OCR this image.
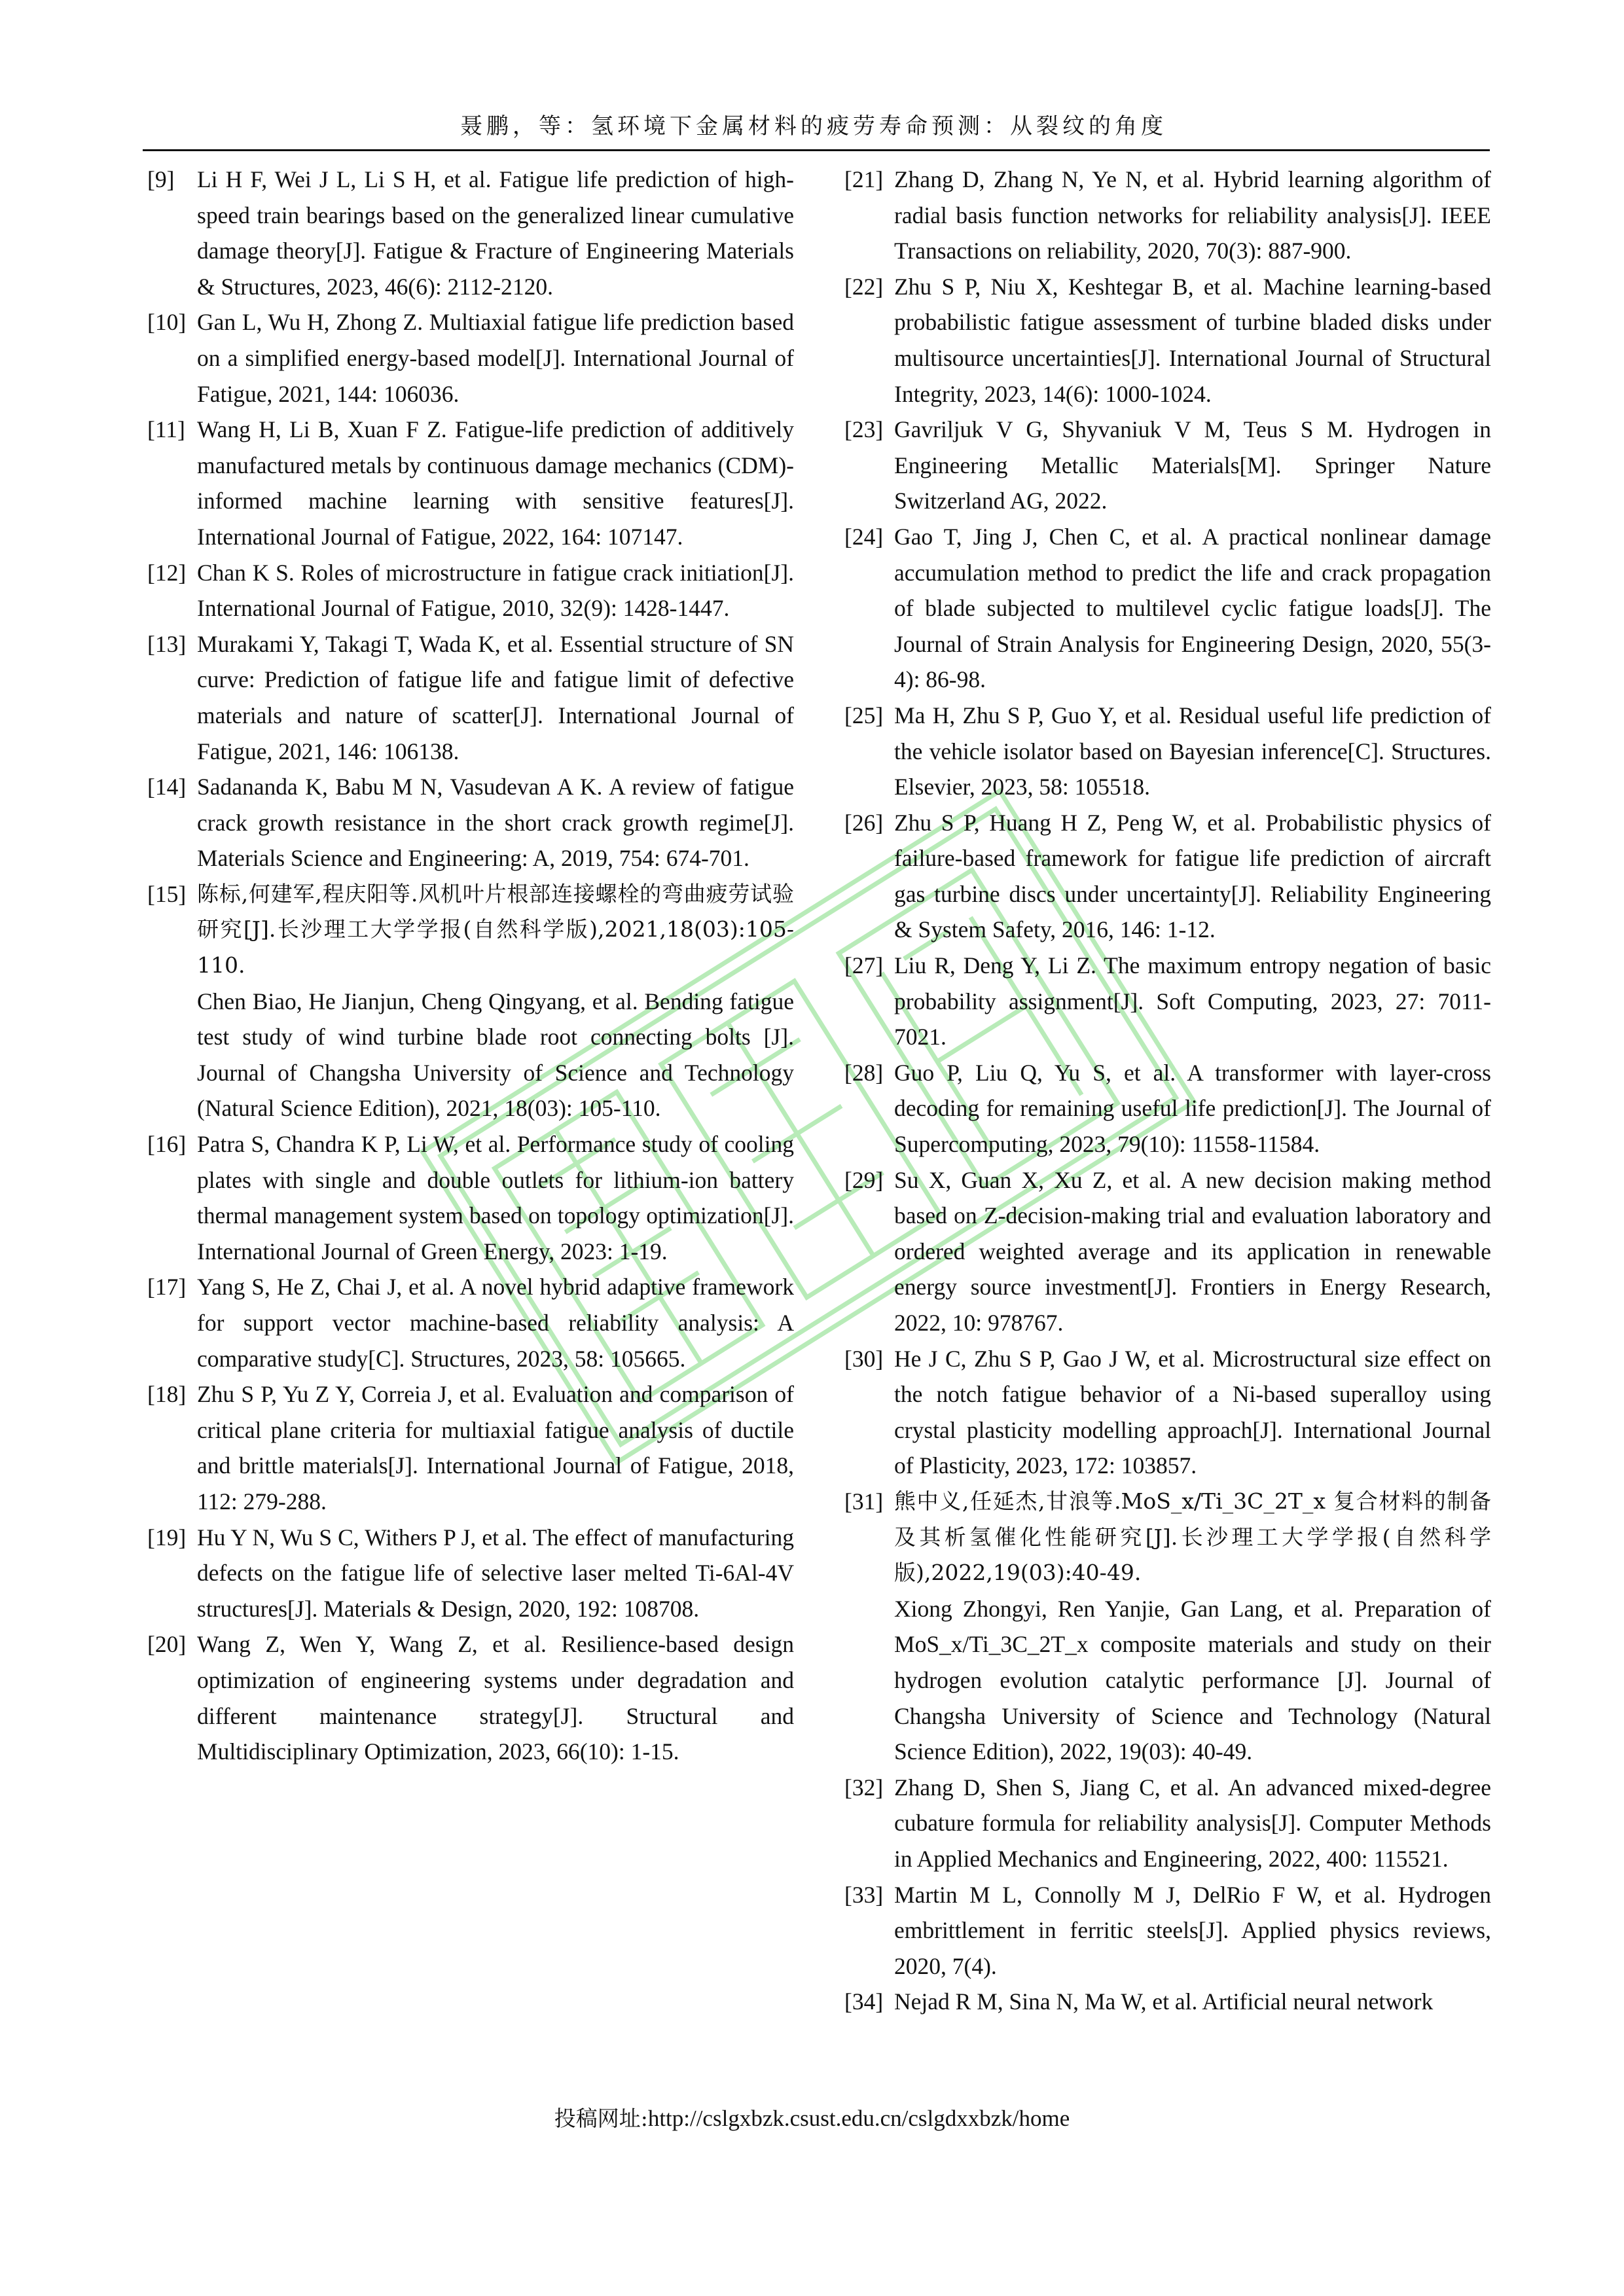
聂鹏，等：氢环境下金属材料的疲劳寿命预测：从裂纹的角度
[9] Li H F, Wei J L, Li S H, et al. Fatigue life prediction of high-speed train bearings based on the generalized linear cumulative damage theory[J]. Fatigue & Fracture of Engineering Materials & Structures, 2023, 46(6): 2112-2120.
[10] Gan L, Wu H, Zhong Z. Multiaxial fatigue life prediction based on a simplified energy-based model[J]. International Journal of Fatigue, 2021, 144: 106036.
[11] Wang H, Li B, Xuan F Z. Fatigue-life prediction of additively manufactured metals by continuous damage mechanics (CDM)-informed machine learning with sensitive features[J]. International Journal of Fatigue, 2022, 164: 107147.
[12] Chan K S. Roles of microstructure in fatigue crack initiation[J]. International Journal of Fatigue, 2010, 32(9): 1428-1447.
[13] Murakami Y, Takagi T, Wada K, et al. Essential structure of SN curve: Prediction of fatigue life and fatigue limit of defective materials and nature of scatter[J]. International Journal of Fatigue, 2021, 146: 106138.
[14] Sadananda K, Babu M N, Vasudevan A K. A review of fatigue crack growth resistance in the short crack growth regime[J]. Materials Science and Engineering: A, 2019, 754: 674-701.
[15] 陈标,何建军,程庆阳等.风机叶片根部连接螺栓的弯曲疲劳试验研究[J].长沙理工大学学报(自然科学版),2021,18(03):105-110.
Chen Biao, He Jianjun, Cheng Qingyang, et al. Bending fatigue test study of wind turbine blade root connecting bolts [J]. Journal of Changsha University of Science and Technology (Natural Science Edition), 2021, 18(03): 105-110.
[16] Patra S, Chandra K P, Li W, et al. Performance study of cooling plates with single and double outlets for lithium-ion battery thermal management system based on topology optimization[J]. International Journal of Green Energy, 2023: 1-19.
[17] Yang S, He Z, Chai J, et al. A novel hybrid adaptive framework for support vector machine-based reliability analysis: A comparative study[C]. Structures, 2023, 58: 105665.
[18] Zhu S P, Yu Z Y, Correia J, et al. Evaluation and comparison of critical plane criteria for multiaxial fatigue analysis of ductile and brittle materials[J]. International Journal of Fatigue, 2018, 112: 279-288.
[19] Hu Y N, Wu S C, Withers P J, et al. The effect of manufacturing defects on the fatigue life of selective laser melted Ti-6Al-4V structures[J]. Materials & Design, 2020, 192: 108708.
[20] Wang Z, Wen Y, Wang Z, et al. Resilience-based design optimization of engineering systems under degradation and different maintenance strategy[J]. Structural and Multidisciplinary Optimization, 2023, 66(10): 1-15.
[21] Zhang D, Zhang N, Ye N, et al. Hybrid learning algorithm of radial basis function networks for reliability analysis[J]. IEEE Transactions on reliability, 2020, 70(3): 887-900.
[22] Zhu S P, Niu X, Keshtegar B, et al. Machine learning-based probabilistic fatigue assessment of turbine bladed disks under multisource uncertainties[J]. International Journal of Structural Integrity, 2023, 14(6): 1000-1024.
[23] Gavriljuk V G, Shyvaniuk V M, Teus S M. Hydrogen in Engineering Metallic Materials[M]. Springer Nature Switzerland AG, 2022.
[24] Gao T, Jing J, Chen C, et al. A practical nonlinear damage accumulation method to predict the life and crack propagation of blade subjected to multilevel cyclic fatigue loads[J]. The Journal of Strain Analysis for Engineering Design, 2020, 55(3-4): 86-98.
[25] Ma H, Zhu S P, Guo Y, et al. Residual useful life prediction of the vehicle isolator based on Bayesian inference[C]. Structures. Elsevier, 2023, 58: 105518.
[26] Zhu S P, Huang H Z, Peng W, et al. Probabilistic physics of failure-based framework for fatigue life prediction of aircraft gas turbine discs under uncertainty[J]. Reliability Engineering & System Safety, 2016, 146: 1-12.
[27] Liu R, Deng Y, Li Z. The maximum entropy negation of basic probability assignment[J]. Soft Computing, 2023, 27: 7011-7021.
[28] Guo P, Liu Q, Yu S, et al. A transformer with layer-cross decoding for remaining useful life prediction[J]. The Journal of Supercomputing, 2023, 79(10): 11558-11584.
[29] Su X, Guan X, Xu Z, et al. A new decision making method based on Z-decision-making trial and evaluation laboratory and ordered weighted average and its application in renewable energy source investment[J]. Frontiers in Energy Research, 2022, 10: 978767.
[30] He J C, Zhu S P, Gao J W, et al. Microstructural size effect on the notch fatigue behavior of a Ni-based superalloy using crystal plasticity modelling approach[J]. International Journal of Plasticity, 2023, 172: 103857.
[31] 熊中义,任延杰,甘浪等.MoS_x/Ti_3C_2T_x 复合材料的制备及其析氢催化性能研究[J].长沙理工大学学报(自然科学版),2022,19(03):40-49.
Xiong Zhongyi, Ren Yanjie, Gan Lang, et al. Preparation of MoS_x/Ti_3C_2T_x composite materials and study on their hydrogen evolution catalytic performance [J]. Journal of Changsha University of Science and Technology (Natural Science Edition), 2022, 19(03): 40-49.
[32] Zhang D, Shen S, Jiang C, et al. An advanced mixed-degree cubature formula for reliability analysis[J]. Computer Methods in Applied Mechanics and Engineering, 2022, 400: 115521.
[33] Martin M L, Connolly M J, DelRio F W, et al. Hydrogen embrittlement in ferritic steels[J]. Applied physics reviews, 2020, 7(4).
[34] Nejad R M, Sina N, Ma W, et al. Artificial neural network
投稿网址:http://cslgxbzk.csust.edu.cn/cslgdxxbzk/home
